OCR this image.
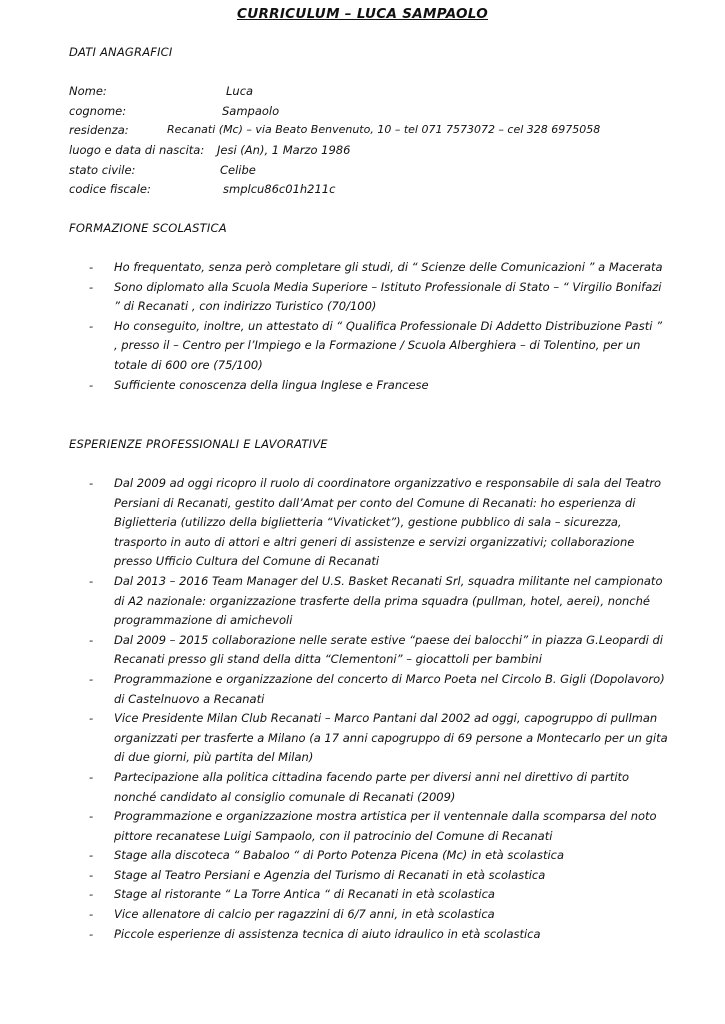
CURRICULUM – LUCA SAMPAOLO
DATI ANAGRAFICI
Nome:	Luca
cognome:	Sampaolo
residenza:	Recanati (Mc) – via Beato Benvenuto, 10 – tel 071 7573072 – cel 328 6975058
luogo e data di nascita: Jesi (An), 1 Marzo 1986
stato civile:	Celibe
codice fiscale:	smplcu86c01h211c
FORMAZIONE SCOLASTICA
- Ho frequentato, senza però completare gli studi, di “ Scienze delle Comunicazioni ” a Macerata
- Sono diplomato alla Scuola Media Superiore – Istituto Professionale di Stato – “ Virgilio Bonifazi ” di Recanati , con indirizzo Turistico (70/100)
- Ho conseguito, inoltre, un attestato di “ Qualifica Professionale Di Addetto Distribuzione Pasti ” , presso il – Centro per l’Impiego e la Formazione / Scuola Alberghiera – di Tolentino, per un totale di 600 ore (75/100)
- Sufficiente conoscenza della lingua Inglese e Francese
ESPERIENZE PROFESSIONALI E LAVORATIVE
- Dal 2009 ad oggi ricopro il ruolo di coordinatore organizzativo e responsabile di sala del Teatro Persiani di Recanati, gestito dall’Amat per conto del Comune di Recanati: ho esperienza di Biglietteria (utilizzo della biglietteria “Vivaticket”), gestione pubblico di sala – sicurezza, trasporto in auto di attori e altri generi di assistenze e servizi organizzativi; collaborazione presso Ufficio Cultura del Comune di Recanati
- Dal 2013 – 2016 Team Manager del U.S. Basket Recanati Srl, squadra militante nel campionato di A2 nazionale: organizzazione trasferte della prima squadra (pullman, hotel, aerei), nonché programmazione di amichevoli
- Dal 2009 – 2015 collaborazione nelle serate estive “paese dei balocchi” in piazza G.Leopardi di Recanati presso gli stand della ditta “Clementoni” – giocattoli per bambini
- Programmazione e organizzazione del concerto di Marco Poeta nel Circolo B. Gigli (Dopolavoro) di Castelnuovo a Recanati
- Vice Presidente Milan Club Recanati – Marco Pantani dal 2002 ad oggi, capogruppo di pullman organizzati per trasferte a Milano (a 17 anni capogruppo di 69 persone a Montecarlo per un gita di due giorni, più partita del Milan)
- Partecipazione alla politica cittadina facendo parte per diversi anni nel direttivo di partito nonché candidato al consiglio comunale di Recanati (2009)
- Programmazione e organizzazione mostra artistica per il ventennale dalla scomparsa del noto pittore recanatese Luigi Sampaolo, con il patrocinio del Comune di Recanati
- Stage alla discoteca “ Babaloo “ di Porto Potenza Picena (Mc) in età scolastica
- Stage al Teatro Persiani e Agenzia del Turismo di Recanati in età scolastica
- Stage al ristorante “ La Torre Antica “ di Recanati in età scolastica
- Vice allenatore di calcio per ragazzini di 6/7 anni, in età scolastica
- Piccole esperienze di assistenza tecnica di aiuto idraulico in età scolastica
